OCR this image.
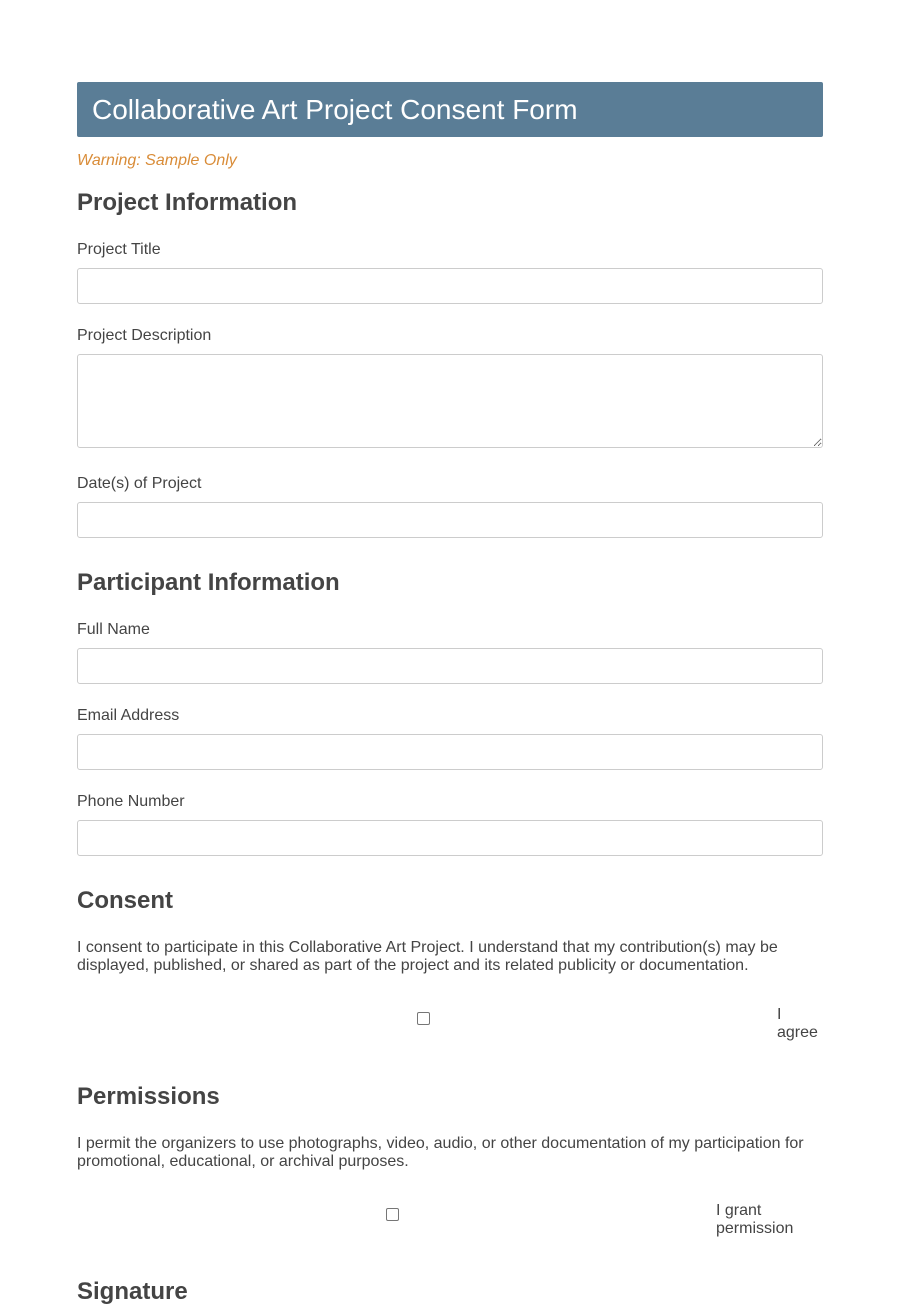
Collaborative Art Project Consent Form
Warning: Sample Only
Project Information
Project Title
Project Description
Date(s) of Project
Participant Information
Full Name
Email Address
Phone Number
Consent
I consent to participate in this Collaborative Art Project. I understand that my contribution(s) may be displayed, published, or shared as part of the project and its related publicity or documentation.
I agree
Permissions
I permit the organizers to use photographs, video, audio, or other documentation of my participation for promotional, educational, or archival purposes.
I grant permission
Signature
